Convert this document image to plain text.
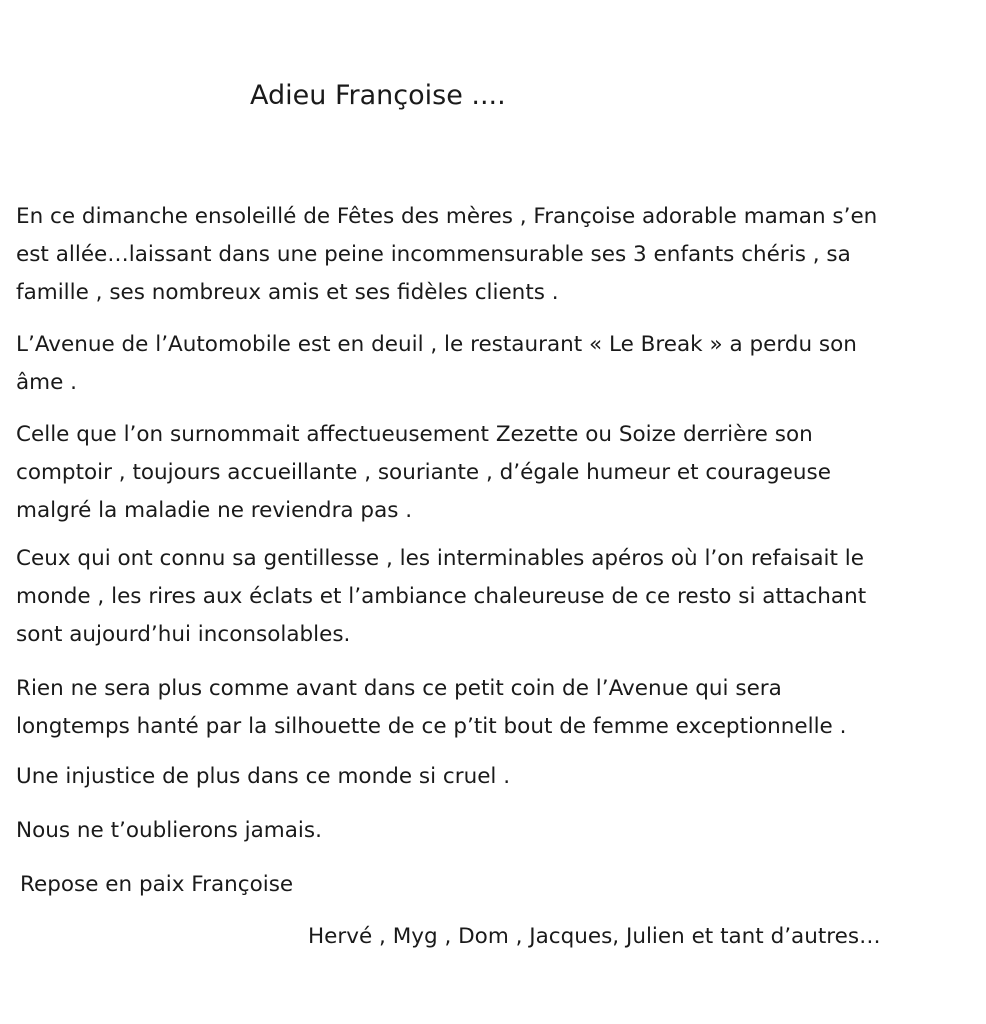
Adieu Françoise ....

En ce dimanche ensoleillé de Fêtes des mères , Françoise adorable maman s’en
est allée…laissant dans une peine incommensurable ses 3 enfants chéris , sa
famille , ses nombreux amis et ses fidèles clients .

L’Avenue de l’Automobile est en deuil , le restaurant « Le Break » a perdu son
âme .

Celle que l’on surnommait affectueusement Zezette ou Soize derrière son
comptoir , toujours accueillante , souriante , d’égale humeur et courageuse
malgré la maladie ne reviendra pas .

Ceux qui ont connu sa gentillesse , les interminables apéros où l’on refaisait le
monde , les rires aux éclats et l’ambiance chaleureuse de ce resto si attachant
sont aujourd’hui inconsolables.

Rien ne sera plus comme avant dans ce petit coin de l’Avenue qui sera
longtemps hanté par la silhouette de ce p’tit bout de femme exceptionnelle .

Une injustice de plus dans ce monde si cruel .

Nous ne t’oublierons jamais.

Repose en paix Françoise

Hervé , Myg , Dom , Jacques, Julien et tant d’autres…
